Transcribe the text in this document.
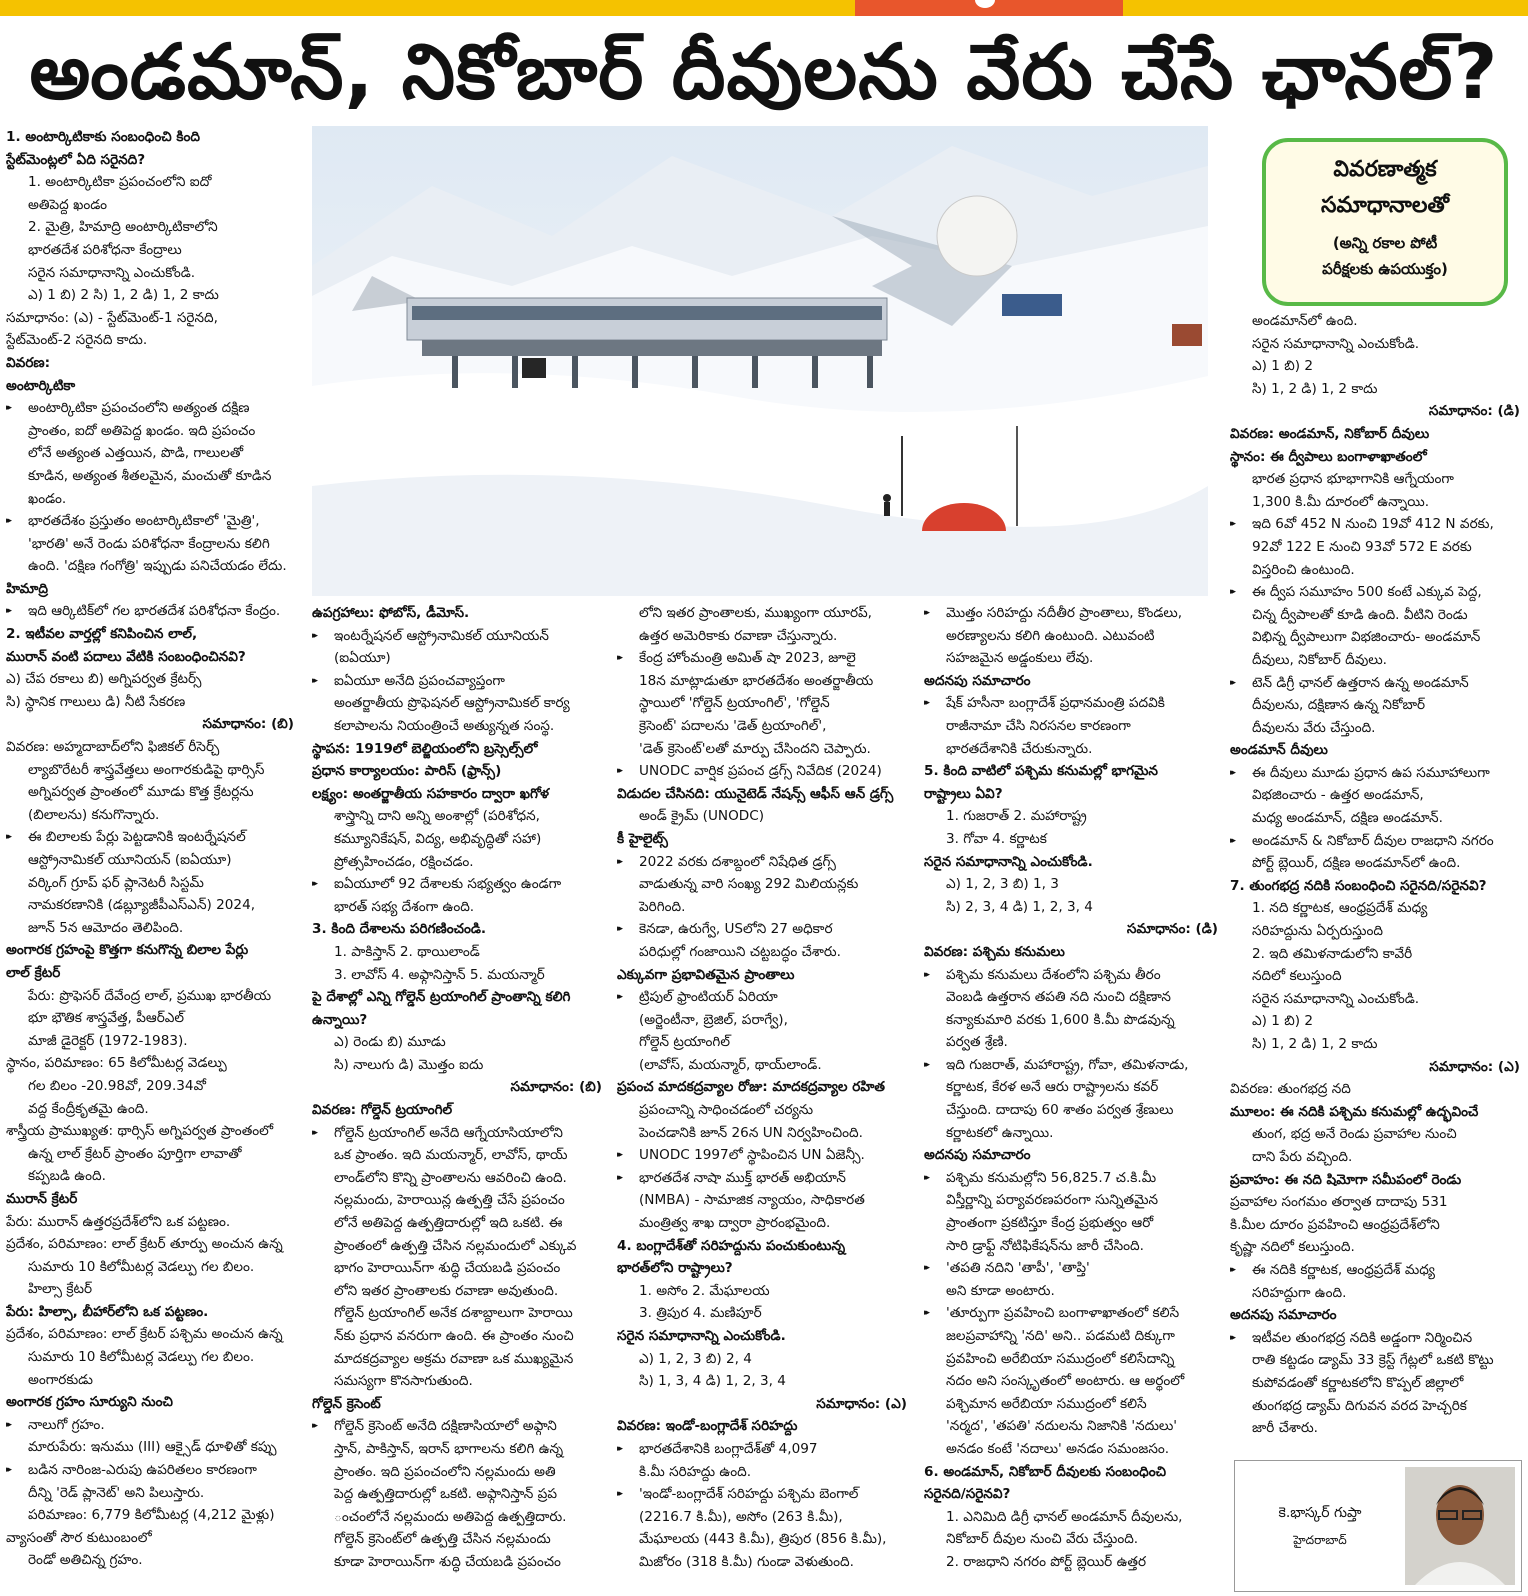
అండమాన్, నికోబార్ దీవులను వేరు చేసే ఛానల్?

1. అంటార్కిటికాకు సంబంధించి కింది

స్టేట్‌మెంట్లలో ఏది సరైనది?

1. అంటార్కిటికా ప్రపంచంలోని ఐదో

అతిపెద్ద ఖండం

2. మైత్రి, హిమాద్రి అంటార్కిటికాలోని

భారతదేశ పరిశోధనా కేంద్రాలు

సరైన సమాధానాన్ని ఎంచుకోండి.

ఎ) 1 బి) 2 సి) 1, 2 డి) 1, 2 కాదు

సమాధానం: (ఎ) - స్టేట్‌మెంట్-1 సరైనది,

స్టేట్‌మెంట్-2 సరైనది కాదు.

వివరణ:

అంటార్కిటికా

▸▸ అంటార్కిటికా ప్రపంచంలోని అత్యంత దక్షిణ

ప్రాంతం, ఐదో అతిపెద్ద ఖండం. ఇది ప్రపంచం

లోనే అత్యంత ఎత్తయిన, పొడి, గాలులతో

కూడిన, అత్యంత శీతలమైన, మంచుతో కూడిన

ఖండం.

▸▸ భారతదేశం ప్రస్తుతం అంటార్కిటికాలో 'మైత్రి',

'భారతి' అనే రెండు పరిశోధనా కేంద్రాలను కలిగి

ఉంది. 'దక్షిణ గంగోత్రి' ఇప్పుడు పనిచేయడం లేదు.

హిమాద్రి

▸▸ ఇది ఆర్కిటిక్‌లో గల భారతదేశ పరిశోధనా కేంద్రం.

2. ఇటీవల వార్తల్లో కనిపించిన లాల్,

మురాన్ వంటి పదాలు వేటికి సంబంధించినవి?

ఎ) చేప రకాలు బి) అగ్నిపర్వత క్రేటర్స్

సి) స్థానిక గాలులు డి) నీటి సేకరణ

సమాధానం: (బి)

వివరణ: అహ్మదాబాద్‌లోని ఫిజికల్ రీసెర్చ్

ల్యాబొరేటరీ శాస్త్రవేత్తలు అంగారకుడిపై థార్సిస్

అగ్నిపర్వత ప్రాంతంలో మూడు కొత్త క్రేటర్లను

(బిలాలను) కనుగొన్నారు.

▸▸ ఈ బిలాలకు పేర్లు పెట్టడానికి ఇంటర్నేషనల్

ఆస్ట్రోనామికల్ యూనియన్ (ఐఏయూ)

వర్కింగ్ గ్రూప్ ఫర్ ప్లానెటరీ సిస్టమ్

నామకరణానికి (డబ్ల్యూజీపీఎస్ఎన్) 2024,

జూన్ 5న ఆమోదం తెలిపింది.

అంగారక గ్రహంపై కొత్తగా కనుగొన్న బిలాల పేర్లు

లాల్ క్రేటర్

పేరు: ప్రొఫెసర్ దేవేంద్ర లాల్, ప్రముఖ భారతీయ

భూ భౌతిక శాస్త్రవేత్త, పీఆర్ఎల్

మాజీ డైరెక్టర్ (1972-1983).

స్థానం, పరిమాణం: 65 కిలోమీటర్ల వెడల్పు

గల బిలం -20.98వో, 209.34వో

వద్ద కేంద్రీకృతమై ఉంది.

శాస్త్రీయ ప్రాముఖ్యత: థార్సిస్ అగ్నిపర్వత ప్రాంతంలో

ఉన్న లాల్ క్రేటర్ ప్రాంతం పూర్తిగా లావాతో

కప్పబడి ఉంది.

మురాన్ క్రేటర్

పేరు: మురాన్ ఉత్తరప్రదేశ్‌లోని ఒక పట్టణం.

ప్రదేశం, పరిమాణం: లాల్ క్రేటర్ తూర్పు అంచున ఉన్న

సుమారు 10 కిలోమీటర్ల వెడల్పు గల బిలం.

హిల్సా క్రేటర్

పేరు: హిల్సా, బీహార్‌లోని ఒక పట్టణం.

ప్రదేశం, పరిమాణం: లాల్ క్రేటర్ పశ్చిమ అంచున ఉన్న

సుమారు 10 కిలోమీటర్ల వెడల్పు గల బిలం.

అంగారకుడు

అంగారక గ్రహం సూర్యుని నుంచి

▸▸ నాలుగో గ్రహం.

మారుపేరు: ఇనుము (III) ఆక్సైడ్ ధూళితో కప్పు

▸▸ బడిన నారింజ-ఎరుపు ఉపరితలం కారణంగా

దీన్ని 'రెడ్ ప్లానెట్' అని పిలుస్తారు.

పరిమాణం: 6,779 కిలోమీటర్ల (4,212 మైళ్లు)

వ్యాసంతో సౌర కుటుంబంలో

రెండో అతిచిన్న గ్రహం.

ఉపగ్రహాలు: ఫోబోస్, డీమోస్.

▸▸ ఇంటర్నేషనల్ ఆస్ట్రోనామికల్ యూనియన్

(ఐఏయూ)

▸▸ ఐఏయూ అనేది ప్రపంచవ్యాప్తంగా

అంతర్జాతీయ ప్రొఫెషనల్ ఆస్ట్రోనామికల్ కార్య

కలాపాలను నియంత్రించే అత్యున్నత సంస్థ.

స్థాపన: 1919లో బెల్జియంలోని బ్రస్సెల్స్‌లో

ప్రధాన కార్యాలయం: పారిస్ (ఫ్రాన్స్)

లక్ష్యం: అంతర్జాతీయ సహకారం ద్వారా ఖగోళ

శాస్త్రాన్ని దాని అన్ని అంశాల్లో (పరిశోధన,

కమ్యూనికేషన్, విద్య, అభివృద్ధితో సహా)

ప్రోత్సహించడం, రక్షించడం.

▸▸ ఐఏయూలో 92 దేశాలకు సభ్యత్వం ఉండగా

భారత్ సభ్య దేశంగా ఉంది.

3. కింది దేశాలను పరిగణించండి.

1. పాకిస్తాన్ 2. థాయిలాండ్

3. లావోస్ 4. అఫ్గానిస్తాన్ 5. మయన్మార్

పై దేశాల్లో ఎన్ని గోల్డెన్ ట్రయాంగిల్ ప్రాంతాన్ని కలిగి

ఉన్నాయి?

ఎ) రెండు బి) మూడు

సి) నాలుగు డి) మొత్తం ఐదు

సమాధానం: (బి)

వివరణ: గోల్డెన్ ట్రయాంగిల్

▸▸ గోల్డెన్ ట్రయాంగిల్ అనేది ఆగ్నేయాసియాలోని

ఒక ప్రాంతం. ఇది మయన్మార్, లావోస్, థాయ్

లాండ్‌లోని కొన్ని ప్రాంతాలను ఆవరించి ఉంది.

నల్లమందు, హెరాయిన్ల ఉత్పత్తి చేసే ప్రపంచం

లోనే అతిపెద్ద ఉత్పత్తిదారుల్లో ఇది ఒకటి. ఈ

ప్రాంతంలో ఉత్పత్తి చేసిన నల్లమందులో ఎక్కువ

భాగం హెరాయిన్‌గా శుద్ధి చేయబడి ప్రపంచం

లోని ఇతర ప్రాంతాలకు రవాణా అవుతుంది.

గోల్డెన్ ట్రయాంగిల్ అనేక దశాబ్దాలుగా హెరాయి

న్‌కు ప్రధాన వనరుగా ఉంది. ఈ ప్రాంతం నుంచి

మాదకద్రవ్యాల అక్రమ రవాణా ఒక ముఖ్యమైన

సమస్యగా కొనసాగుతుంది.

గోల్డెన్ క్రెసెంట్

▸▸ గోల్డెన్ క్రెసెంట్ అనేది దక్షిణాసియాలో అఫ్గాని

స్తాన్, పాకిస్తాన్, ఇరాన్ భాగాలను కలిగి ఉన్న

ప్రాంతం. ఇది ప్రపంచంలోని నల్లమందు అతి

పెద్ద ఉత్పత్తిదారుల్లో ఒకటి. అఫ్గానిస్తాన్ ప్రప

ంచంలోనే నల్లమందు అతిపెద్ద ఉత్పత్తిదారు.

గోల్డెన్ క్రెసెంట్‌లో ఉత్పత్తి చేసిన నల్లమందు

కూడా హెరాయిన్‌గా శుద్ధి చేయబడి ప్రపంచం

లోని ఇతర ప్రాంతాలకు, ముఖ్యంగా యూరప్,

ఉత్తర అమెరికాకు రవాణా చేస్తున్నారు.

▸▸ కేంద్ర హోంమంత్రి అమిత్ షా 2023, జూలై

18న మాట్లాడుతూ భారతదేశం అంతర్జాతీయ

స్థాయిలో 'గోల్డెన్ ట్రయాంగిల్', 'గోల్డెన్

క్రెసెంట్' పదాలను 'డెత్ ట్రయాంగిల్',

'డెత్ క్రెసెంట్'లతో మార్పు చేసిందని చెప్పారు.

▸▸ UNODC వార్షిక ప్రపంచ డ్రగ్స్ నివేదిక (2024)

విడుదల చేసినది: యునైటెడ్ నేషన్స్ ఆఫీస్ ఆన్ డ్రగ్స్

అండ్ క్రైమ్ (UNODC)

కీ హైలైట్స్

▸▸ 2022 వరకు దశాబ్దంలో నిషేధిత డ్రగ్స్

వాడుతున్న వారి సంఖ్య 292 మిలియన్లకు

పెరిగింది.

▸▸ కెనడా, ఉరుగ్వే, USలోని 27 అధికార

పరిధుల్లో గంజాయిని చట్టబద్ధం చేశారు.

ఎక్కువగా ప్రభావితమైన ప్రాంతాలు

▸▸ ట్రిపుల్ ఫ్రాంటియర్ ఏరియా

(అర్జెంటీనా, బ్రెజిల్, పరాగ్వే),

గోల్డెన్ ట్రయాంగిల్

(లావోస్, మయన్మార్, థాయ్‌లాండ్.

ప్రపంచ మాదకద్రవ్యాల రోజు: మాదకద్రవ్యాల రహిత

ప్రపంచాన్ని సాధించడంలో చర్యను

పెంచడానికి జూన్ 26న UN నిర్వహించింది.

▸▸ UNODC 1997లో స్థాపించిన UN ఏజెన్సీ.

▸▸ భారతదేశ నాషా ముక్త్ భారత్ అభియాన్

(NMBA) - సామాజిక న్యాయం, సాధికారత

మంత్రిత్వ శాఖ ద్వారా ప్రారంభమైంది.

4. బంగ్లాదేశ్‌తో సరిహద్దును పంచుకుంటున్న

భారత్‌లోని రాష్ట్రాలు?

1. అసోం 2. మేఘాలయ

3. త్రిపుర 4. మణిపూర్

సరైన సమాధానాన్ని ఎంచుకోండి.

ఎ) 1, 2, 3 బి) 2, 4

సి) 1, 3, 4 డి) 1, 2, 3, 4

సమాధానం: (ఎ)

వివరణ: ఇండో-బంగ్లాదేశ్ సరిహద్దు

▸▸ భారతదేశానికి బంగ్లాదేశ్‌తో 4,097

కి.మీ సరిహద్దు ఉంది.

▸▸ 'ఇండో-బంగ్లాదేశ్ సరిహద్దు పశ్చిమ బెంగాల్

(2216.7 కి.మీ), అసోం (263 కి.మీ),

మేఘాలయ (443 కి.మీ), త్రిపుర (856 కి.మీ),

మిజోరం (318 కి.మీ) గుండా వెళుతుంది.

▸▸ మొత్తం సరిహద్దు నదీతీర ప్రాంతాలు, కొండలు,

అరణ్యాలను కలిగి ఉంటుంది. ఎటువంటి

సహజమైన అడ్డంకులు లేవు.

అదనపు సమాచారం

▸▸ షేక్ హసీనా బంగ్లాదేశ్ ప్రధానమంత్రి పదవికి

రాజీనామా చేసి నిరసనల కారణంగా

భారతదేశానికి చేరుకున్నారు.

5. కింది వాటిలో పశ్చిమ కనుమల్లో భాగమైన

రాష్ట్రాలు ఏవి?

1. గుజరాత్ 2. మహారాష్ట్ర

3. గోవా 4. కర్ణాటక

సరైన సమాధానాన్ని ఎంచుకోండి.

ఎ) 1, 2, 3 బి) 1, 3

సి) 2, 3, 4 డి) 1, 2, 3, 4

సమాధానం: (డి)

వివరణ: పశ్చిమ కనుమలు

▸▸ పశ్చిమ కనుమలు దేశంలోని పశ్చిమ తీరం

వెంబడి ఉత్తరాన తపతి నది నుంచి దక్షిణాన

కన్యాకుమారి వరకు 1,600 కి.మీ పొడవున్న

పర్వత శ్రేణి.

▸▸ ఇది గుజరాత్, మహారాష్ట్ర, గోవా, తమిళనాడు,

కర్ణాటక, కేరళ అనే ఆరు రాష్ట్రాలను కవర్

చేస్తుంది. దాదాపు 60 శాతం పర్వత శ్రేణులు

కర్ణాటకలో ఉన్నాయి.

అదనపు సమాచారం

▸▸ పశ్చిమ కనుమల్లోని 56,825.7 చ.కి.మీ

విస్తీర్ణాన్ని పర్యావరణపరంగా సున్నితమైన

ప్రాంతంగా ప్రకటిస్తూ కేంద్ర ప్రభుత్వం ఆరో

సారి డ్రాఫ్ట్ నోటిఫికేషన్‌ను జారీ చేసింది.

▸▸ 'తపతి నదిని 'తాపీ', 'తాప్తి'

అని కూడా అంటారు.

▸▸ 'తూర్పుగా ప్రవహించి బంగాళాఖాతంలో కలిసే

జలప్రవాహాన్ని 'నది' అని.. పడమటి దిక్కుగా

ప్రవహించి అరేబియా సముద్రంలో కలిసేదాన్ని

నదం అని సంస్కృతంలో అంటారు. ఆ అర్థంలో

పశ్చిమాన అరేబియా సముద్రంలో కలిసే

'నర్మద', 'తపతి' నదులను నిజానికి 'నదులు'

అనడం కంటే 'నదాలు' అనడం సమంజసం.

6. అండమాన్, నికోబార్ దీవులకు సంబంధించి

సరైనది/సరైనవి?

1. ఎనిమిది డిగ్రీ ఛానల్ అండమాన్ దీవులను,

నికోబార్ దీవుల నుంచి వేరు చేస్తుంది.

2. రాజధాని నగరం పోర్ట్ బ్లెయిర్ ఉత్తర

వివరణాత్మక
సమాధానాలతో
(అన్ని రకాల పోటీ
పరీక్షలకు ఉపయుక్తం)

అండమాన్‌లో ఉంది.

సరైన సమాధానాన్ని ఎంచుకోండి.

ఎ) 1 బి) 2

సి) 1, 2 డి) 1, 2 కాదు

సమాధానం: (డి)

వివరణ: అండమాన్, నికోబార్ దీవులు

స్థానం: ఈ ద్వీపాలు బంగాళాఖాతంలో

భారత ప్రధాన భూభాగానికి ఆగ్నేయంగా

1,300 కి.మీ దూరంలో ఉన్నాయి.

▸▸ ఇది 6వో 452 N నుంచి 19వో 412 N వరకు,

92వో 122 E నుంచి 93వో 572 E వరకు

విస్తరించి ఉంటుంది.

▸▸ ఈ ద్వీప సమూహం 500 కంటే ఎక్కువ పెద్ద,

చిన్న ద్వీపాలతో కూడి ఉంది. వీటిని రెండు

విభిన్న ద్వీపాలుగా విభజించారు- అండమాన్

దీవులు, నికోబార్ దీవులు.

▸▸ టెన్ డిగ్రీ ఛానల్ ఉత్తరాన ఉన్న అండమాన్

దీవులను, దక్షిణాన ఉన్న నికోబార్

దీవులను వేరు చేస్తుంది.

అండమాన్ దీవులు

▸▸ ఈ దీవులు మూడు ప్రధాన ఉప సమూహాలుగా

విభజించారు - ఉత్తర అండమాన్,

మధ్య అండమాన్, దక్షిణ అండమాన్.

▸▸ అండమాన్ & నికోబార్ దీవుల రాజధాని నగరం

పోర్ట్ బ్లెయిర్, దక్షిణ అండమాన్‌లో ఉంది.

7. తుంగభద్ర నదికి సంబంధించి సరైనది/సరైనవి?

1. నది కర్ణాటక, ఆంధ్రప్రదేశ్ మధ్య

సరిహద్దును ఏర్పరుస్తుంది

2. ఇది తమిళనాడులోని కావేరీ

నదిలో కలుస్తుంది

సరైన సమాధానాన్ని ఎంచుకోండి.

ఎ) 1 బి) 2

సి) 1, 2 డి) 1, 2 కాదు

సమాధానం: (ఎ)

వివరణ: తుంగభద్ర నది

మూలం: ఈ నదికి పశ్చిమ కనుమల్లో ఉద్భవించే

తుంగ, భద్ర అనే రెండు ప్రవాహాల నుంచి

దాని పేరు వచ్చింది.

ప్రవాహం: ఈ నది షిమోగా సమీపంలో రెండు

ప్రవాహాల సంగమం తర్వాత దాదాపు 531

కి.మీల దూరం ప్రవహించి ఆంధ్రప్రదేశ్‌లోని

కృష్ణా నదిలో కలుస్తుంది.

▸▸ ఈ నదికి కర్ణాటక, ఆంధ్రప్రదేశ్ మధ్య

సరిహద్దుగా ఉంది.

అదనపు సమాచారం

▸▸ ఇటీవల తుంగభద్ర నదికి అడ్డంగా నిర్మించిన

రాతి కట్టడం డ్యామ్ 33 క్రెస్ట్ గేట్లలో ఒకటి కొట్టు

కుపోవడంతో కర్ణాటకలోని కొప్పల్ జిల్లాలో

తుంగభద్ర డ్యామ్ దిగువన వరద హెచ్చరిక

జారీ చేశారు.

కె.భాస్కర్ గుప్తా
హైదరాబాద్
